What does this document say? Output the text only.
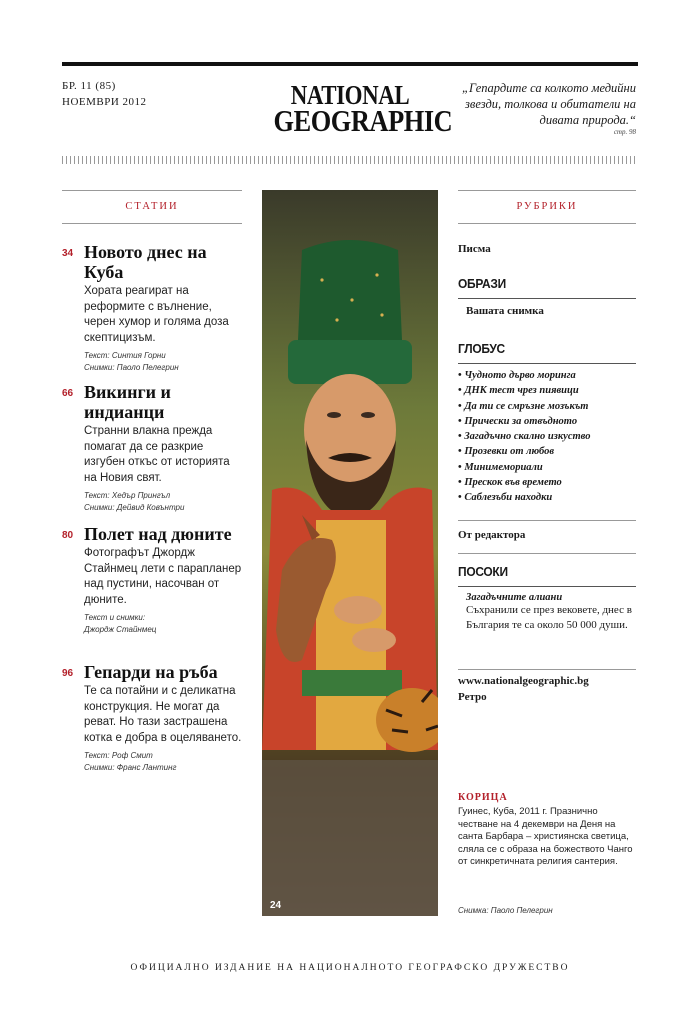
БР. 11 (85)
НОЕМВРИ 2012	NATIONAL
GEOGRAPHIC
„Гепардите са колкото медийни звезди, толкова и обитатели на дивата природа.“
стр. 98
СТАТИИ
34 Новото днес на Куба
Хората реагират на реформите с вълнение, черен хумор и голяма доза скептицизъм.
Текст: Синтия Горни
Снимки: Паоло Пелегрин
66 Викинги и индианци
Странни влакна прежда помагат да се разкрие изгубен откъс от историята на Новия свят.
Текст: Хедър Прингъл
Снимки: Дейвид Ковънтри
80 Полет над дюните
Фотографът Джордж Стайнмец лети с парапланер над пустини, насочван от дюните.
Текст и снимки:
Джордж Стайнмец
96 Гепарди на ръба
Те са потайни и с деликатна конструкция. Не могат да реват. Но тази застрашена котка е добра в оцеляването.
Текст: Роф Смит
Снимки: Франс Лантинг
24
РУБРИКИ
Писма
ОБРАЗИ
Вашата снимка
ГЛОБУС
• Чудното дърво моринга
• ДНК тест чрез пиявици
• Да ти се смръзне мозъкът
• Прически за отвъдното
• Загадъчно скално изкуство
• Прозевки от любов
• Минимемориали
• Прескок във времето
• Саблезъби находки
От редактора
ПОСОКИ
Загадъчните алиани
Съхранили се през вековете, днес в България те са около 50 000 души.
www.nationalgeographic.bg
Ретро
КОРИЦА
Гуинес, Куба, 2011 г. Празнично честване на 4 декември на Деня на санта Барбара – християнска светица, сляла се с образа на божеството Чанго от синкретичната религия сантерия.
Снимка: Паоло Пелегрин
ОФИЦИАЛНО ИЗДАНИЕ НА НАЦИОНАЛНОТО ГЕОГРАФСКО ДРУЖЕСТВО
